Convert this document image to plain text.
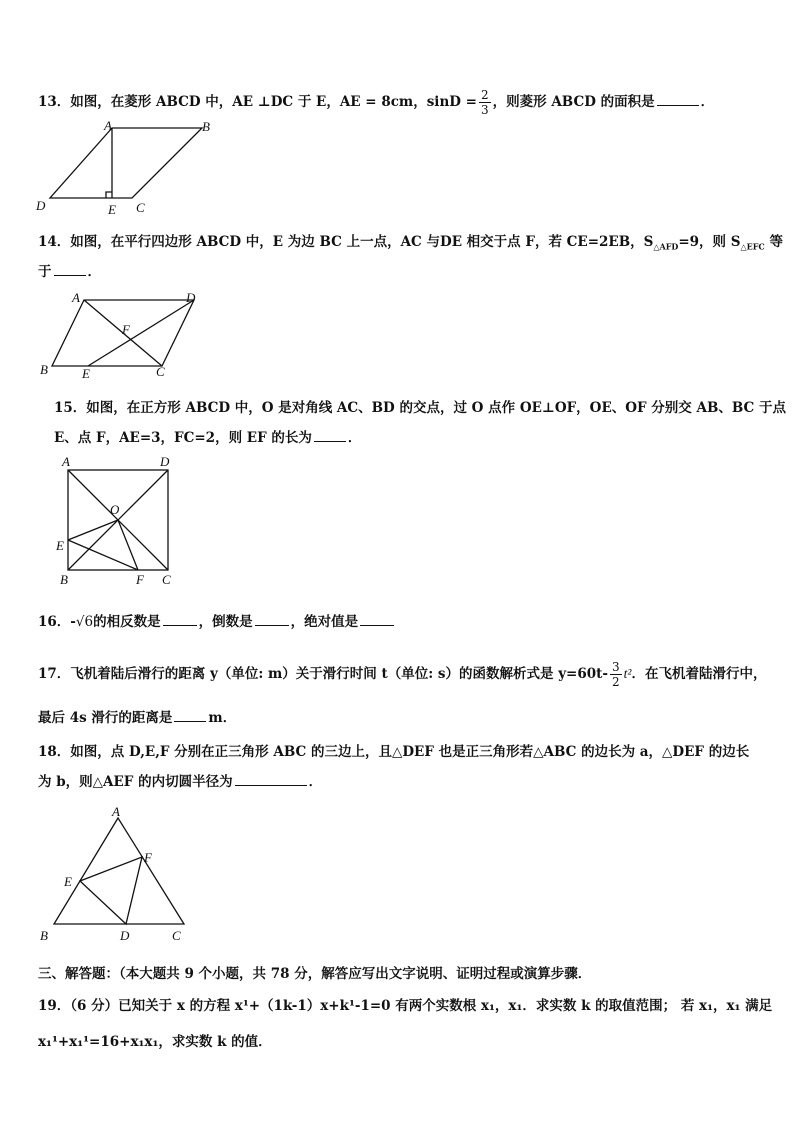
13．如图，在菱形 ABCD 中，AE ⊥DC 于 E，AE = 8cm，$\sin D = \frac{2}{3}$ ，则菱形 ABCD 的面积是	．
A	B
C
D	E
14．如图，在平行四边形 ABCD 中，E 为边 BC 上一点，AC 与DE 相交于点 F，若 CE=2EB，$S_{\triangle AFD}=9$，则 $S_{\triangle EFC}$ 等
于	．
A	D
F
B	E	C
15．如图，在正方形 ABCD 中，O 是对角线 AC、BD 的交点，过 O 点作 OE⊥OF，OE、OF 分别交 AB、BC 于点
E、点 F，AE=3，FC=2，则 EF 的长为	．
A	D
O
E
B	F C
16．-√6的相反数是	，倒数是	，绝对值是
17．飞机着陆后滑行的距离 y（单位: m）关于滑行时间 t（单位: s）的函数解析式是 $y=60t- \frac{3}{2} t^2$．在飞机着陆滑行中，
最后 4s 滑行的距离是	m．
18．如图，点 D,E,F 分别在正三角形 ABC 的三边上，且△DEF 也是正三角形若△ABC 的边长为 a，△DEF 的边长
为 b，则△AEF 的内切圆半径为	．
A
F
E
B	D	C
三、解答题：（本大题共 9 个小题，共 78 分，解答应写出文字说明、证明过程或演算步骤．
19．（6 分）已知关于 x 的方程 x¹+（1k-1）x+k¹-1=0 有两个实数根 x₁，x₁．求实数 k 的取值范围； 若 x₁，x₁ 满足
x₁¹+x₁¹=16+x₁x₁，求实数 k 的值．
